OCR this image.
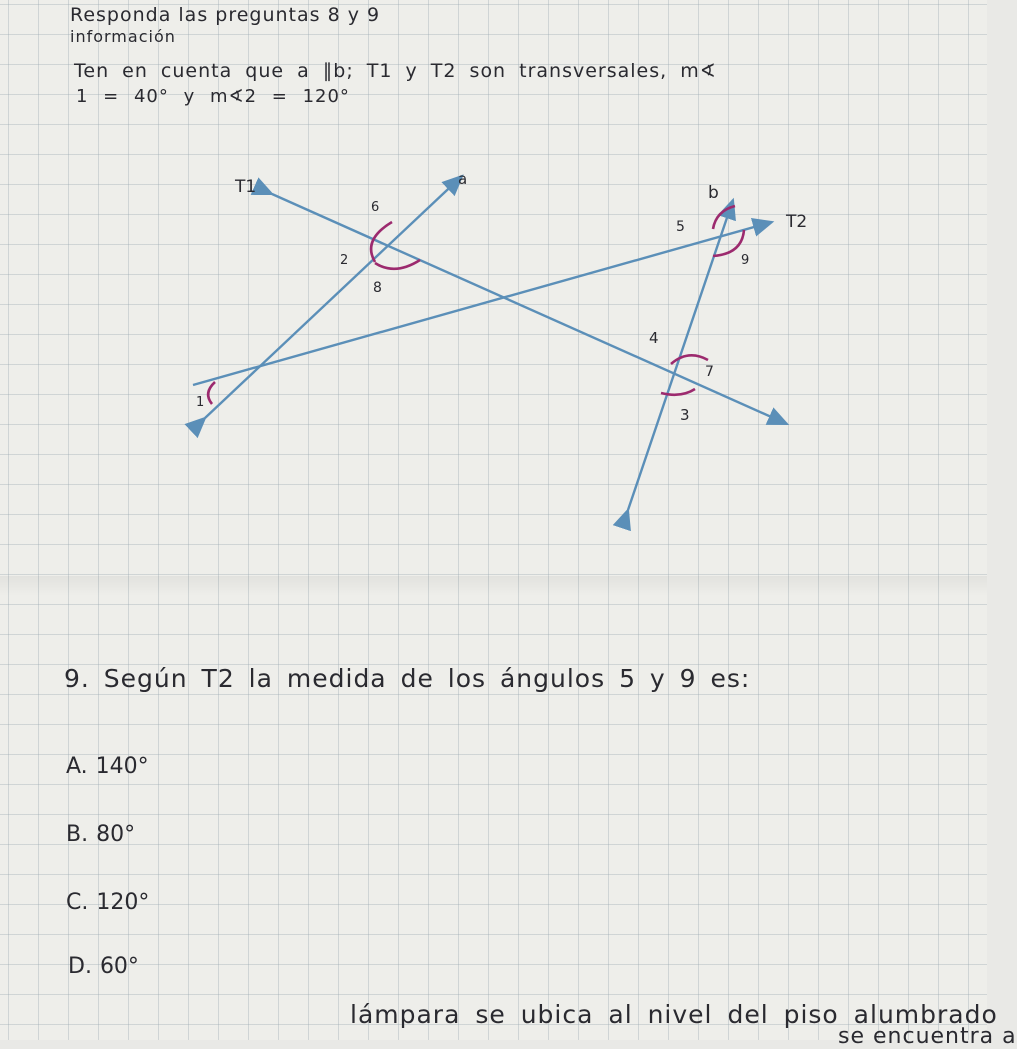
Responda las preguntas 8 y 9
información
Ten en cuenta que a ∥b; T1 y T2 son transversales, m∢
1 = 40° y m∢2 = 120°
T1
T2
b
a
1
2
3
4
5
6
7
8
9
9. Según T2 la medida de los ángulos 5 y 9 es:
A. 140°
B. 80°
C. 120°
D. 60°
lámpara se ubica al nivel del piso alumbrado
se encuentra a
